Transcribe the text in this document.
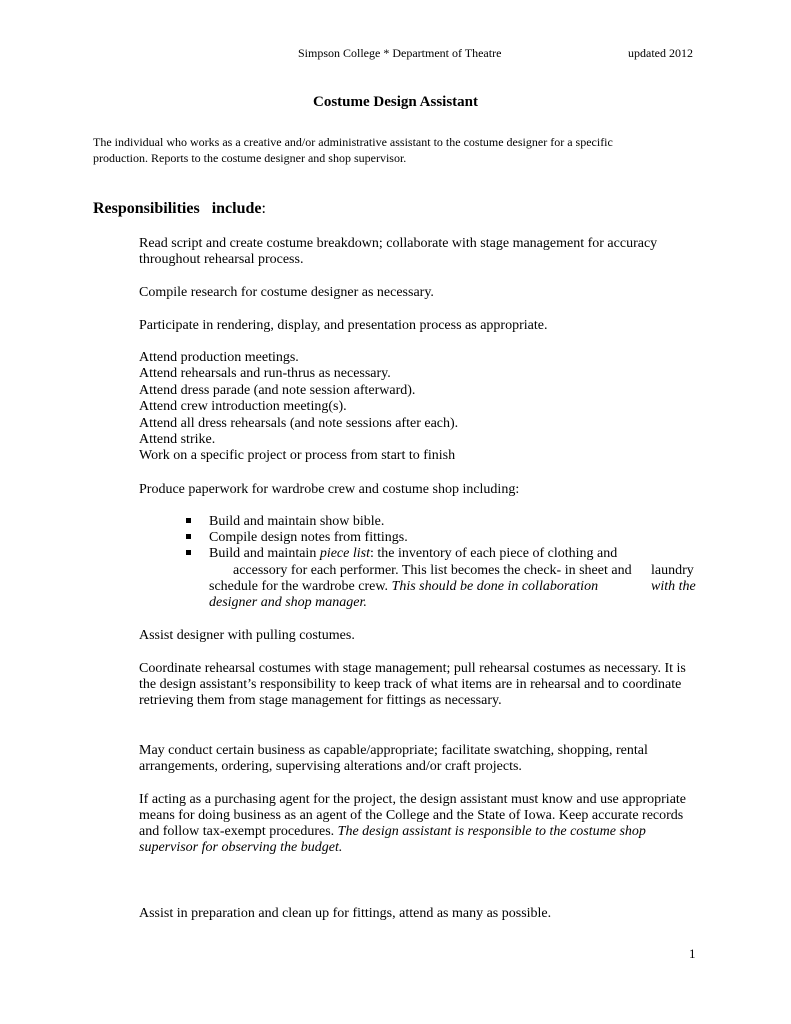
Simpson College * Department of Theatre	updated 2012
Costume Design Assistant
The individual who works as a creative and/or administrative assistant to the costume designer for a specific
production. Reports to the costume designer and shop supervisor.
Responsibilities include:
Read script and create costume breakdown; collaborate with stage management for accuracy
throughout rehearsal process.
Compile research for costume designer as necessary.
Participate in rendering, display, and presentation process as appropriate.
Attend production meetings.
Attend rehearsals and run-thrus as necessary.
Attend dress parade (and note session afterward).
Attend crew introduction meeting(s).
Attend all dress rehearsals (and note sessions after each).
Attend strike.
Work on a specific project or process from start to finish
Produce paperwork for wardrobe crew and costume shop including:
Build and maintain show bible.
Compile design notes from fittings.
Build and maintain piece list: the inventory of each piece of clothing and
accessory for each performer. This list becomes the check- in sheet and laundry
schedule for the wardrobe crew. This should be done in collaboration	with the
designer and shop manager.
Assist designer with pulling costumes.
Coordinate rehearsal costumes with stage management; pull rehearsal costumes as necessary. It is
the design assistant’s responsibility to keep track of what items are in rehearsal and to coordinate
retrieving them from stage management for fittings as necessary.
May conduct certain business as capable/appropriate; facilitate swatching, shopping, rental
arrangements, ordering, supervising alterations and/or craft projects.
If acting as a purchasing agent for the project, the design assistant must know and use appropriate
means for doing business as an agent of the College and the State of Iowa. Keep accurate records
and follow tax-exempt procedures. The design assistant is responsible to the costume shop
supervisor for observing the budget.
Assist in preparation and clean up for fittings, attend as many as possible.
1
